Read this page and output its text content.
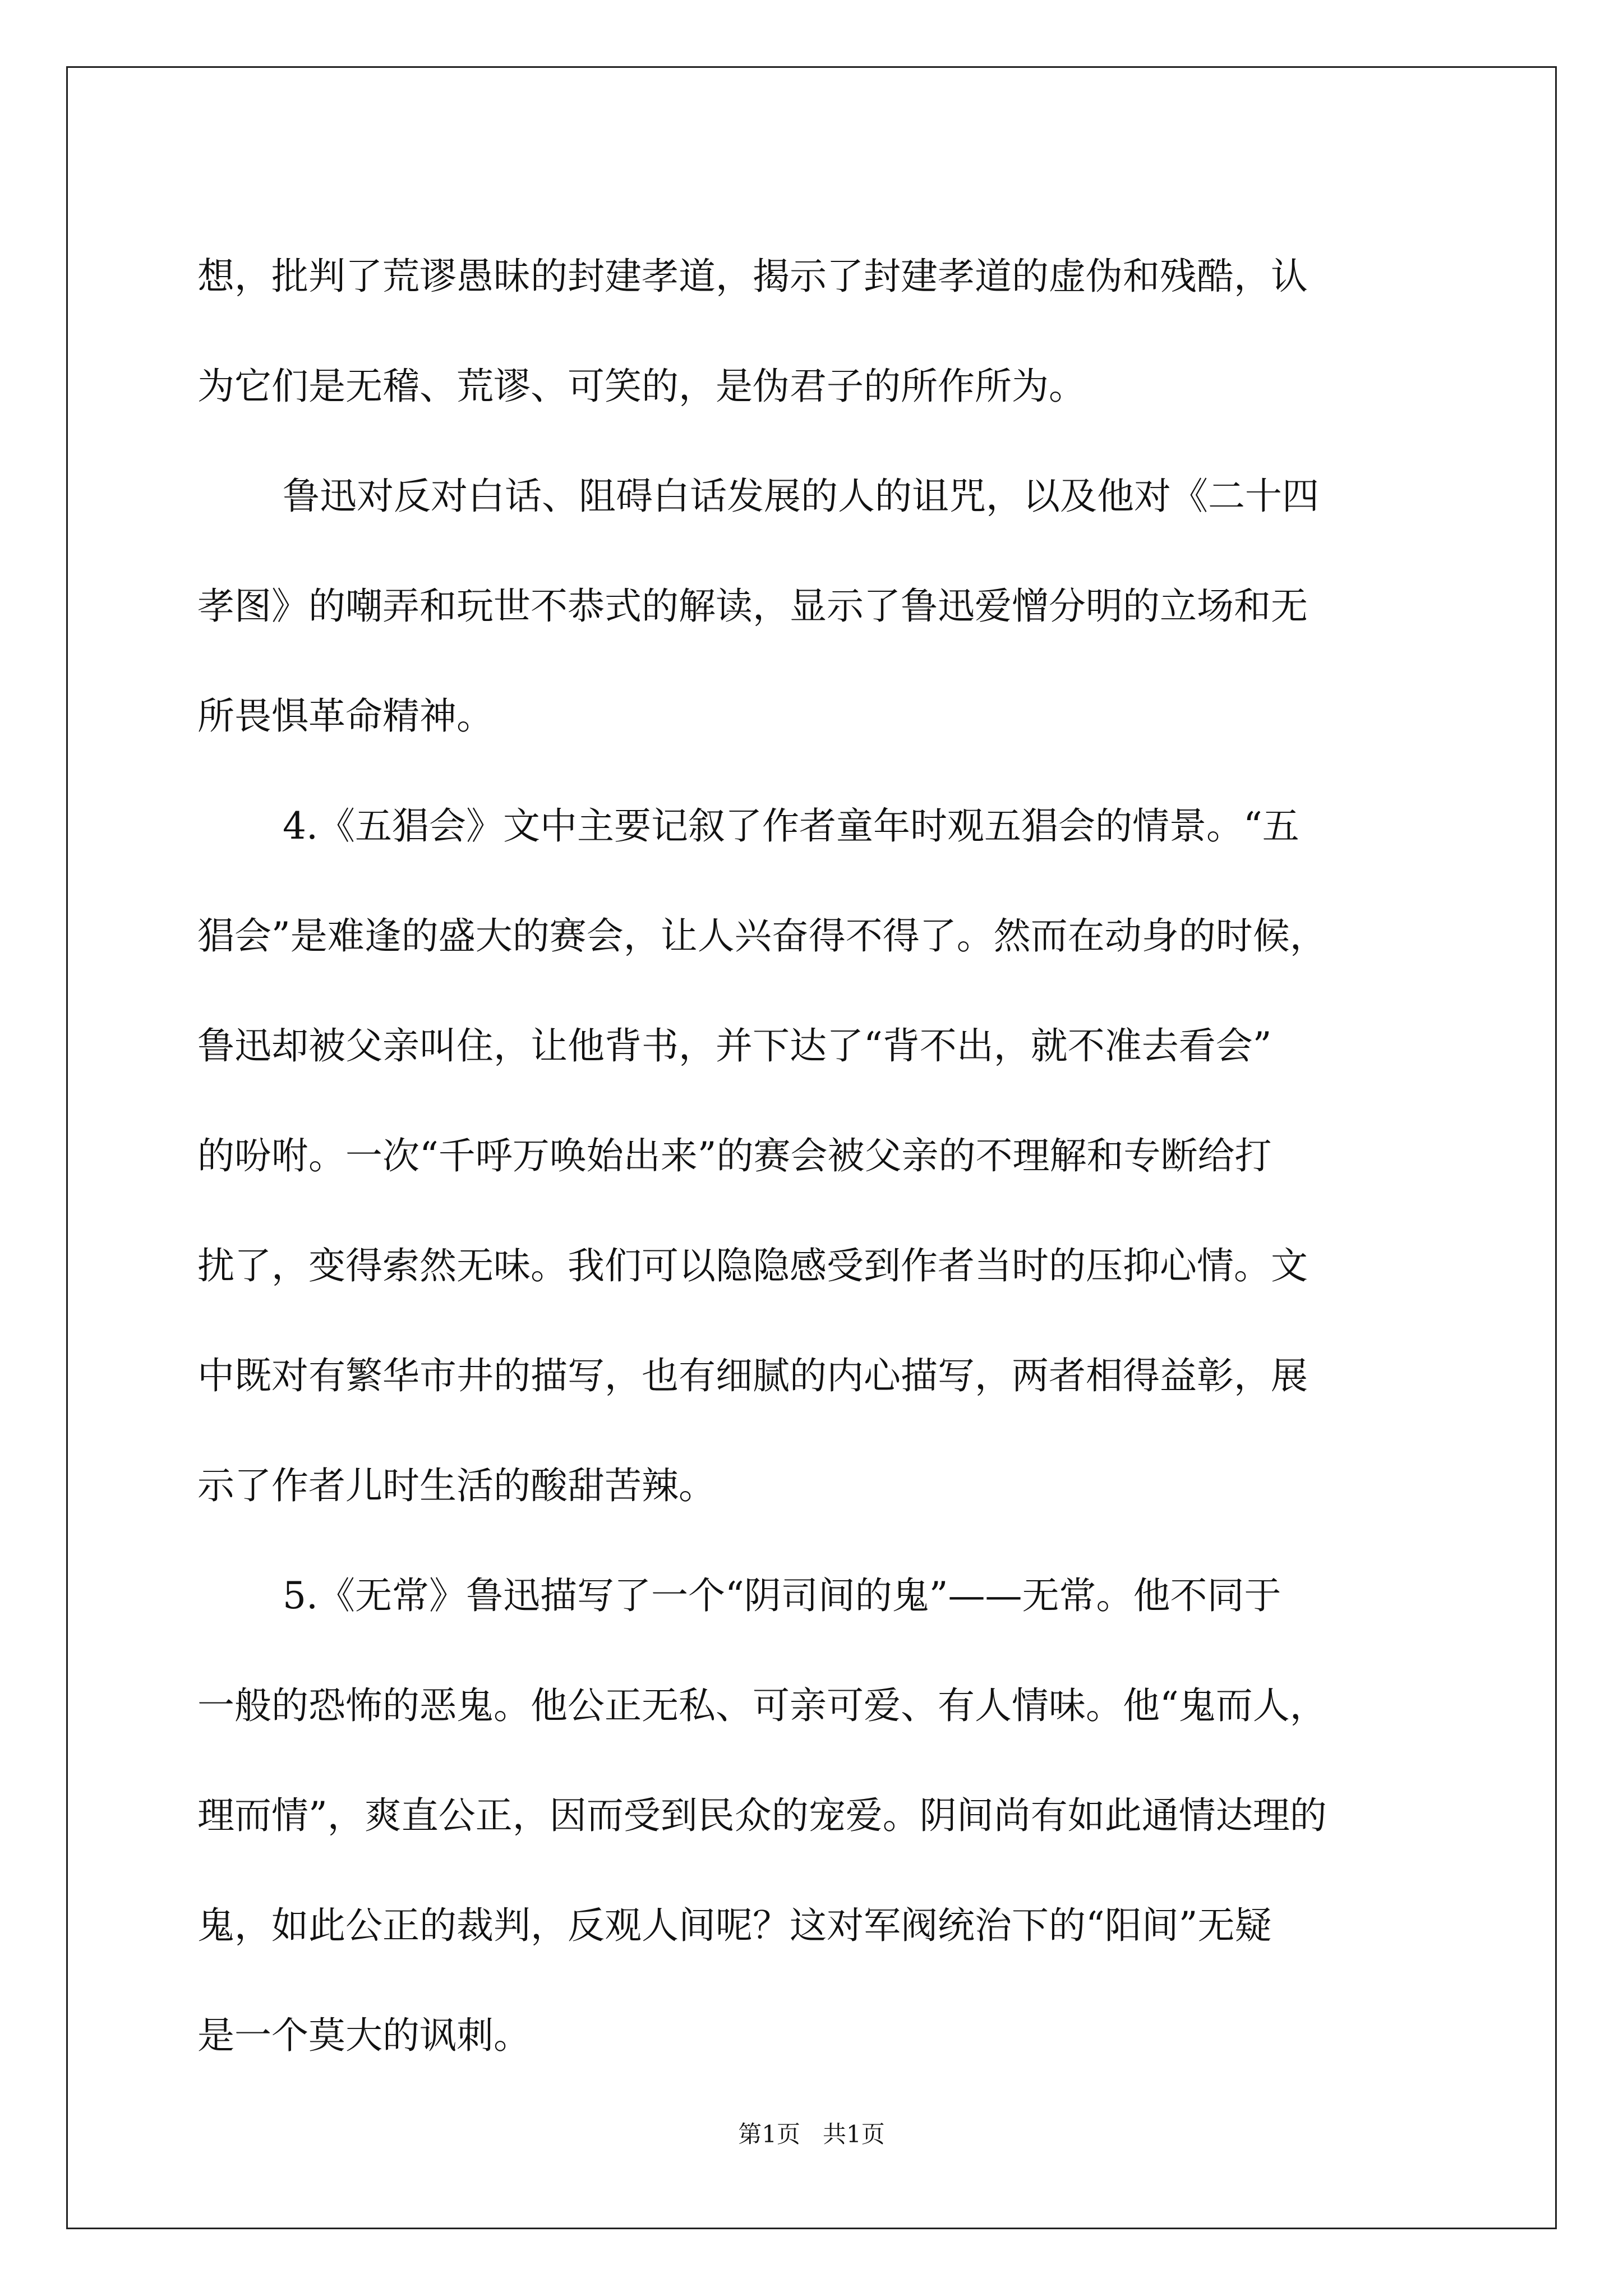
想，批判了荒谬愚昧的封建孝道，揭示了封建孝道的虚伪和残酷，认
为它们是无稽、荒谬、可笑的，是伪君子的所作所为。
鲁迅对反对白话、阻碍白话发展的人的诅咒，以及他对《二十四
孝图》的嘲弄和玩世不恭式的解读，显示了鲁迅爱憎分明的立场和无
所畏惧革命精神。
4.《五猖会》文中主要记叙了作者童年时观五猖会的情景。“五
猖会”是难逢的盛大的赛会，让人兴奋得不得了。然而在动身的时候，
鲁迅却被父亲叫住，让他背书，并下达了“背不出，就不准去看会”
的吩咐。一次“千呼万唤始出来”的赛会被父亲的不理解和专断给打
扰了，变得索然无味。我们可以隐隐感受到作者当时的压抑心情。文
中既对有繁华市井的描写，也有细腻的内心描写，两者相得益彰，展
示了作者儿时生活的酸甜苦辣。
5.《无常》鲁迅描写了一个“阴司间的鬼”——无常。他不同于
一般的恐怖的恶鬼。他公正无私、可亲可爱、有人情味。他“鬼而人，
理而情”，爽直公正，因而受到民众的宠爱。阴间尚有如此通情达理的
鬼，如此公正的裁判，反观人间呢？这对军阀统治下的“阳间”无疑
是一个莫大的讽刺。
第1页 共1页
